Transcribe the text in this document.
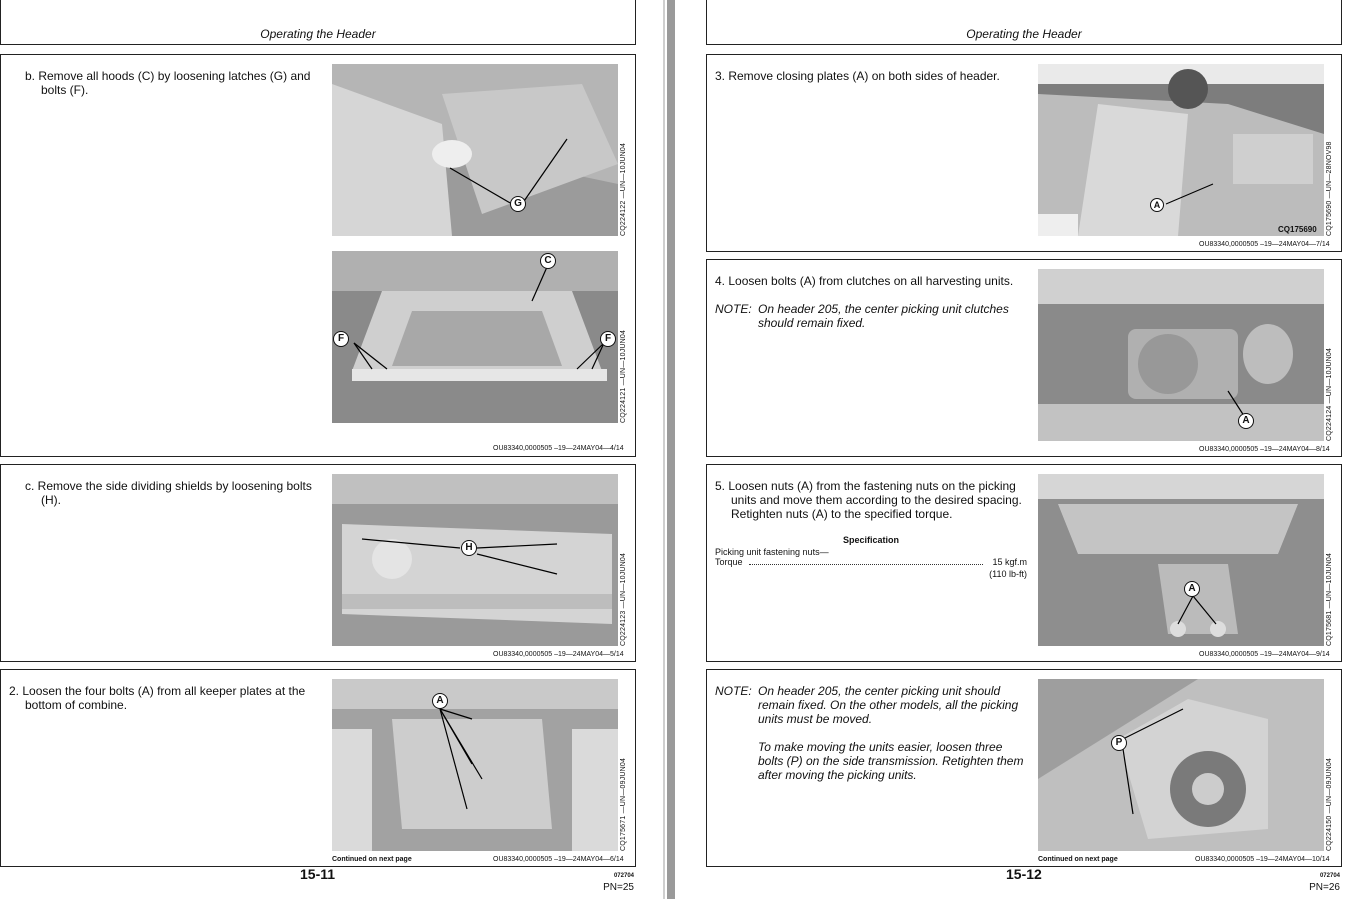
Operating the Header
b. Remove all hoods (C) by loosening latches (G) and bolts (F).
G	CQ224122 —UN—10JUN04
C
F	F	CQ224121 —UN—10JUN04
OU83340,0000505 –19—24MAY04—4/14
c. Remove the side dividing shields by loosening bolts (H).
H
CQ224123 —UN—10JUN04
OU83340,0000505 –19—24MAY04—5/14
2. Loosen the four bolts (A) from all keeper plates at the bottom of combine.	A
CQ175671 —UN—09JUN04
Continued on next page	OU83340,0000505 –19—24MAY04—6/14
15-11	072704
PN=25
Operating the Header
3. Remove closing plates (A) on both sides of header.
A
CQ175690 CQ175690 —UN—28NOV98
OU83340,0000505 –19—24MAY04—7/14
4. Loosen bolts (A) from clutches on all harvesting units.
NOTE: On header 205, the center picking unit clutches should remain fixed.
A	CQ224124 —UN—10JUN04
OU83340,0000505 –19—24MAY04—8/14
5. Loosen nuts (A) from the fastening nuts on the picking units and move them according to the desired spacing. Retighten nuts (A) to the specified torque.
Specification
Picking unit fastening nuts—
Torque	15 kgf.m
(110 lb-ft)
A	CQ175681 —UN—10JUN04
OU83340,0000505 –19—24MAY04—9/14
NOTE: On header 205, the center picking unit should remain fixed. On the other models, all the picking units must be moved.
To make moving the units easier, loosen three bolts (P) on the side transmission. Retighten them after moving the picking units.
P
CQ224150 —UN—09JUN04
Continued on next page	OU83340,0000505 –19—24MAY04—10/14
15-12	072704
PN=26
